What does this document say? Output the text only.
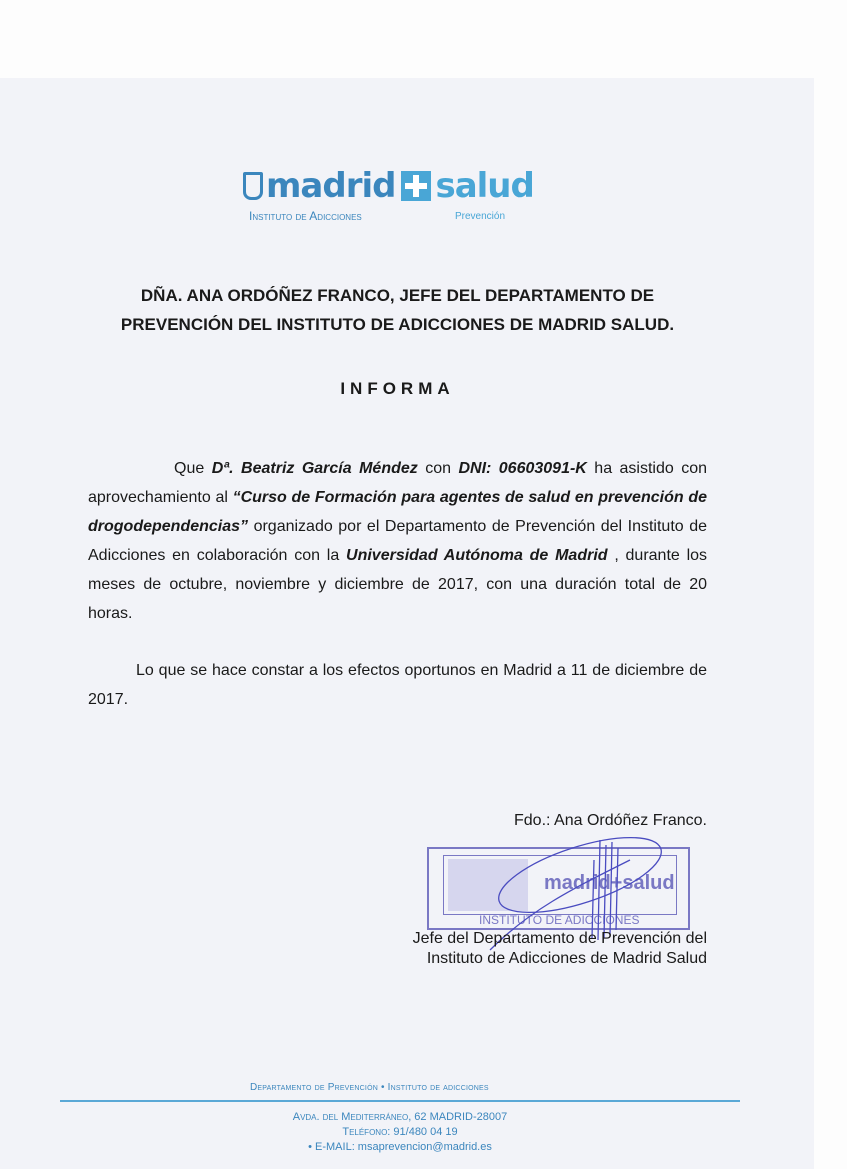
madrid salud
Instituto de Adicciones	Prevención
DÑA. ANA ORDÓÑEZ FRANCO, JEFE DEL DEPARTAMENTO DE PREVENCIÓN DEL INSTITUTO DE ADICCIONES DE MADRID SALUD.
INFORMA
Que Dª. Beatriz García Méndez con DNI: 06603091-K ha asistido con aprovechamiento al “Curso de Formación para agentes de salud en prevención de drogodependencias” organizado por el Departamento de Prevención del Instituto de Adicciones en colaboración con la Universidad Autónoma de Madrid , durante los meses de octubre, noviembre y diciembre de 2017, con una duración total de 20 horas.
Lo que se hace constar a los efectos oportunos en Madrid a 11 de diciembre de 2017.
Fdo.: Ana Ordóñez Franco.
madrid+salud
INSTITUTO DE ADICCIONES
Jefe del Departamento de Prevención del
Instituto de Adicciones de Madrid Salud
Departamento de Prevención • Instituto de adicciones
Avda. del Mediterráneo, 62 MADRID-28007
Teléfono: 91/480 04 19
• E-MAIL: msaprevencion@madrid.es
